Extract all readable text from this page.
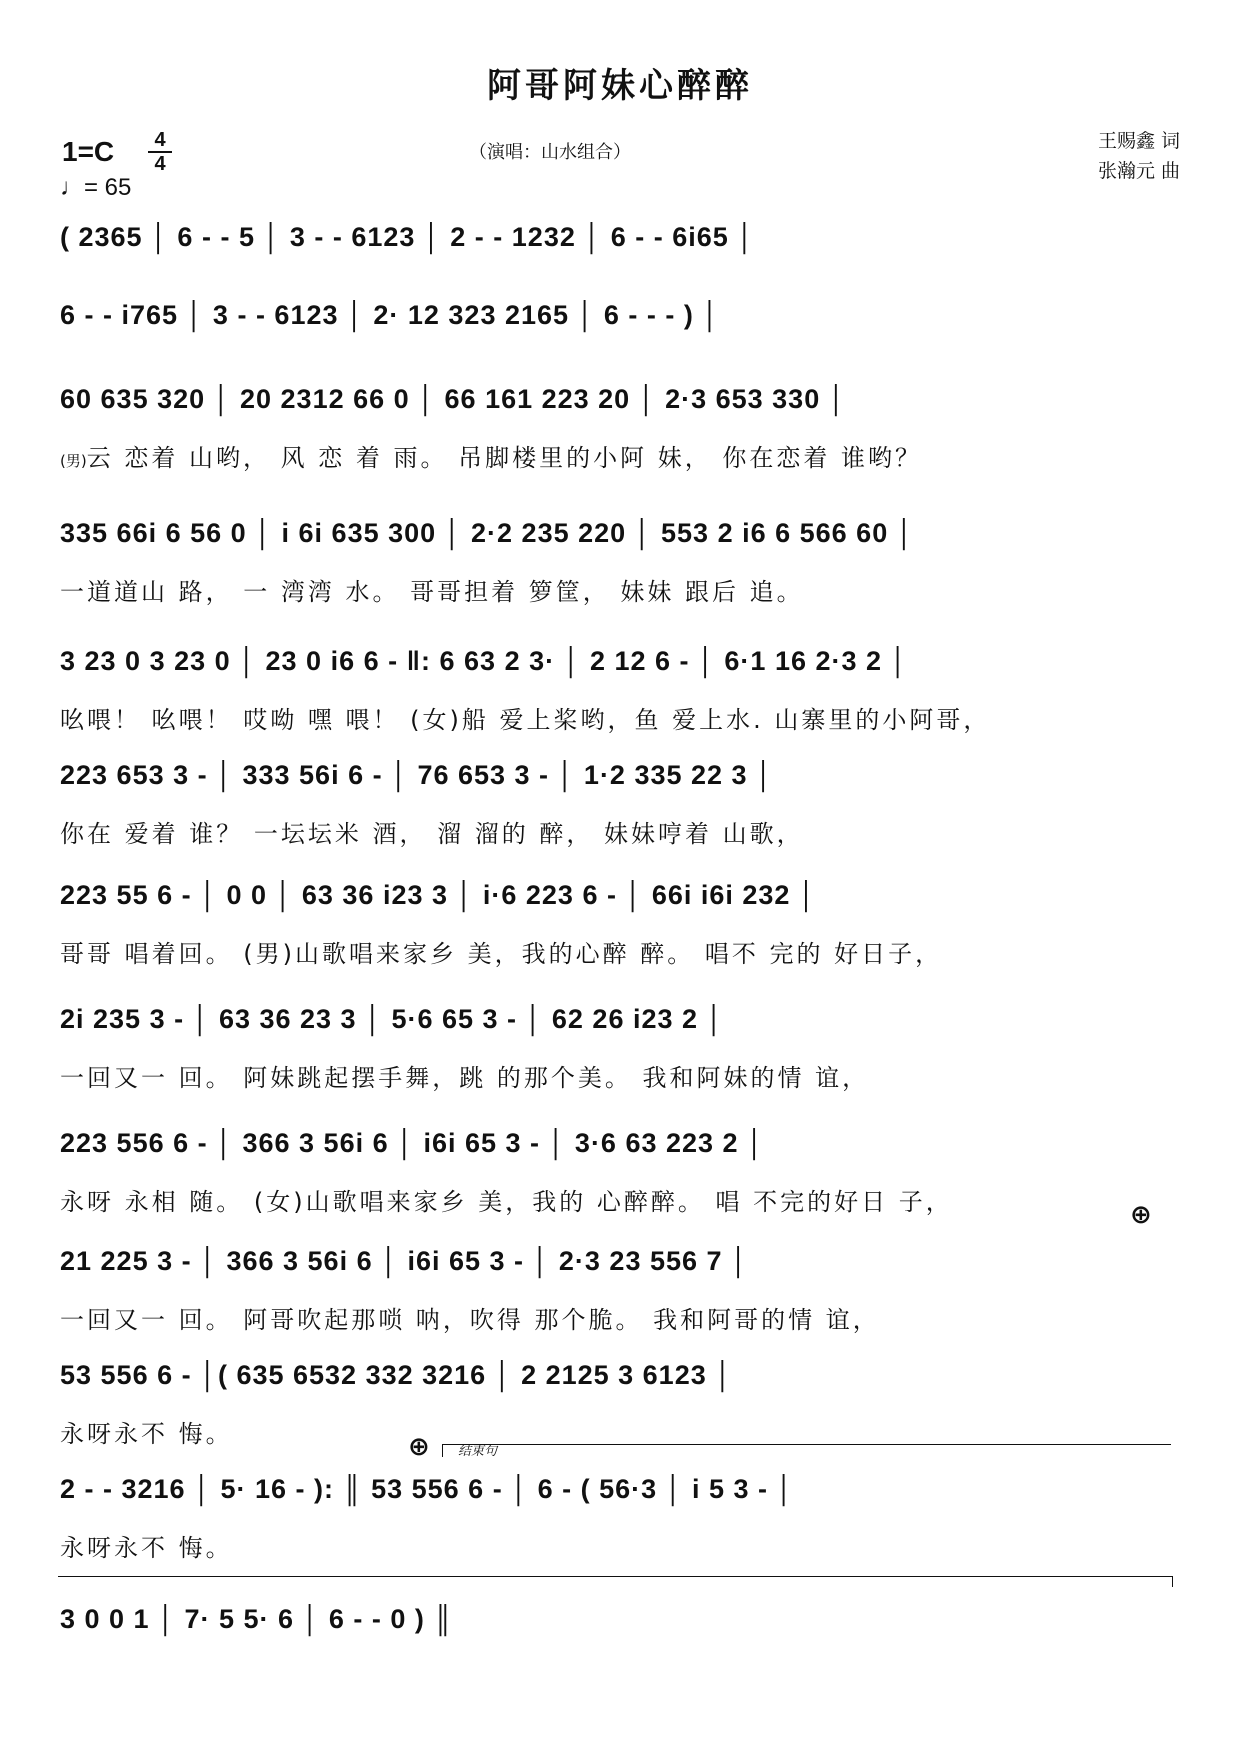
阿哥阿妹心醉醉
1=C	4
4
♩= 65
（演唱：山水组合）
王赐鑫 词
张瀚元 曲
( 2365 │ 6 - - 5 │ 3 - - 6123 │ 2 - - 1232 │ 6 - - 6i65 │
6 - - i765 │ 3 - - 6123 │ 2· 12 323 2165 │ 6 - - - ) │
60 635 320 │ 20 2312 66 0 │ 66 161 223 20 │ 2·3 653 330 │
(男)云 恋着 山哟， 风 恋 着 雨。 吊脚楼里的小阿 妹， 你在恋着 谁哟？
335 66i 6 56 0 │ i 6i 635 300 │ 2·2 235 220 │ 553 2 i6 6 566 60 │
一道道山 路， 一 湾湾 水。 哥哥担着 箩筐， 妹妹 跟后 追。
3 23 0 3 23 0 │ 23 0 i6 6 - ‖: 6 63 2 3· │ 2 12 6 - │ 6·1 16 2·3 2 │
吆喂！ 吆喂！ 哎呦 嘿 喂！ (女)船 爱上桨哟，鱼 爱上水. 山寨里的小阿哥，
223 653 3 - │ 333 56i 6 - │ 76 653 3 - │ 1·2 335 22 3 │
你在 爱着 谁？ 一坛坛米 酒， 溜 溜的 醉， 妹妹哼着 山歌，
223 55 6 - │ 0 0 │ 63 36 i23 3 │ i·6 223 6 - │ 66i i6i 232 │
哥哥 唱着回。 (男)山歌唱来家乡 美，我的心醉 醉。 唱不 完的 好日子，
2i 235 3 - │ 63 36 23 3 │ 5·6 65 3 - │ 62 26 i23 2 │
一回又一 回。 阿妹跳起摆手舞，跳 的那个美。 我和阿妹的情 谊，
223 556 6 - │ 366 3 56i 6 │ i6i 65 3 - │ 3·6 63 223 2 │
永呀 永相 随。 (女)山歌唱来家乡 美，我的 心醉醉。 唱 不完的好日 子，	⊕
21 225 3 - │ 366 3 56i 6 │ i6i 65 3 - │ 2·3 23 556 7 │
一回又一 回。 阿哥吹起那唢 呐，吹得 那个脆。 我和阿哥的情 谊，
53 556 6 - │( 635 6532 332 3216 │ 2 2125 3 6123 │
永呀永不 悔。	⊕ 结束句
2 - - 3216 │ 5· 16 - ): ║ 53 556 6 - │ 6 - ( 56·3 │ i 5 3 - │
永呀永不 悔。
3 0 0 1 │ 7· 5 5· 6 │ 6 - - 0 ) ║
